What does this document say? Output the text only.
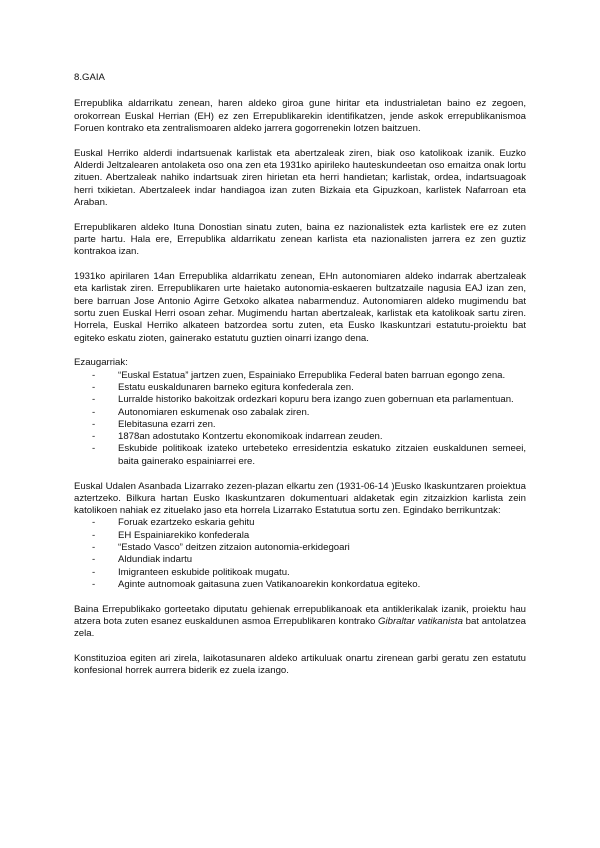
8.GAIA

Errepublika aldarrikatu zenean, haren aldeko giroa gune hiritar eta industrialetan baino ez zegoen, orokorrean Euskal Herrian (EH) ez zen Errepublikarekin identifikatzen, jende askok errepublikanismoa Foruen kontrako eta zentralismoaren aldeko jarrera gogorrenekin lotzen baitzuen.

Euskal Herriko alderdi indartsuenak karlistak eta abertzaleak ziren, biak oso katolikoak izanik. Euzko Alderdi Jeltzalearen antolaketa oso ona zen eta 1931ko apirileko hauteskundeetan oso emaitza onak lortu zituen. Abertzaleak nahiko indartsuak ziren hirietan eta herri handietan; karlistak, ordea, indartsuagoak herri txikietan. Abertzaleek indar handiagoa izan zuten Bizkaia eta Gipuzkoan, karlistek Nafarroan eta Araban.

Errepublikaren aldeko Ituna Donostian sinatu zuten, baina ez nazionalistek ezta karlistek ere ez zuten parte hartu. Hala ere, Errepublika aldarrikatu zenean karlista eta nazionalisten jarrera ez zen guztiz kontrakoa izan.

1931ko apirilaren 14an Errepublika aldarrikatu zenean, EHn autonomiaren aldeko indarrak abertzaleak eta karlistak ziren. Errepublikaren urte haietako autonomia-eskaeren bultzatzaile nagusia EAJ izan zen, bere barruan Jose Antonio Agirre Getxoko alkatea nabarmenduz. Autonomiaren aldeko mugimendu bat sortu zuen Euskal Herri osoan zehar. Mugimendu hartan abertzaleak, karlistak eta katolikoak sartu ziren. Horrela, Euskal Herriko alkateen batzordea sortu zuten, eta Eusko Ikaskuntzari estatutu-proiektu bat egiteko eskatu zioten, gainerako estatutu guztien oinarri izango dena.

Ezaugarriak:
- “Euskal Estatua” jartzen zuen, Espainiako Errepublika Federal baten barruan egongo zena.
- Estatu euskaldunaren barneko egitura konfederala zen.
- Lurralde historiko bakoitzak ordezkari kopuru bera izango zuen gobernuan eta parlamentuan.
- Autonomiaren eskumenak oso zabalak ziren.
- Elebitasuna ezarri zen.
- 1878an adostutako Kontzertu ekonomikoak indarrean zeuden.
- Eskubide politikoak izateko urtebeteko erresidentzia eskatuko zitzaien euskaldunen semeei, baita gainerako espainiarrei ere.

Euskal Udalen Asanbada Lizarrako zezen-plazan elkartu zen (1931-06-14 )Eusko Ikaskuntzaren proiektua aztertzeko. Bilkura hartan Eusko Ikaskuntzaren dokumentuari aldaketak egin zitzaizkion karlista zein katolikoen nahiak ez zituelako jaso eta horrela Lizarrako Estatutua sortu zen. Egindako berrikuntzak:

- Foruak ezartzeko eskaria gehitu
- EH Espainiarekiko konfederala
- “Estado Vasco” deitzen zitzaion autonomia-erkidegoari
- Aldundiak indartu
- Imigranteen eskubide politikoak mugatu.
- Aginte autnomoak gaitasuna zuen Vatikanoarekin konkordatua egiteko.

Baina Errepublikako gorteetako diputatu gehienak errepublikanoak eta antiklerikalak izanik, proiektu hau atzera bota zuten esanez euskaldunen asmoa Errepublikaren kontrako Gibraltar vatikanista bat antolatzea zela.

Konstituzioa egiten ari zirela, laikotasunaren aldeko artikuluak onartu zirenean garbi geratu zen estatutu konfesional horrek aurrera biderik ez zuela izango.
